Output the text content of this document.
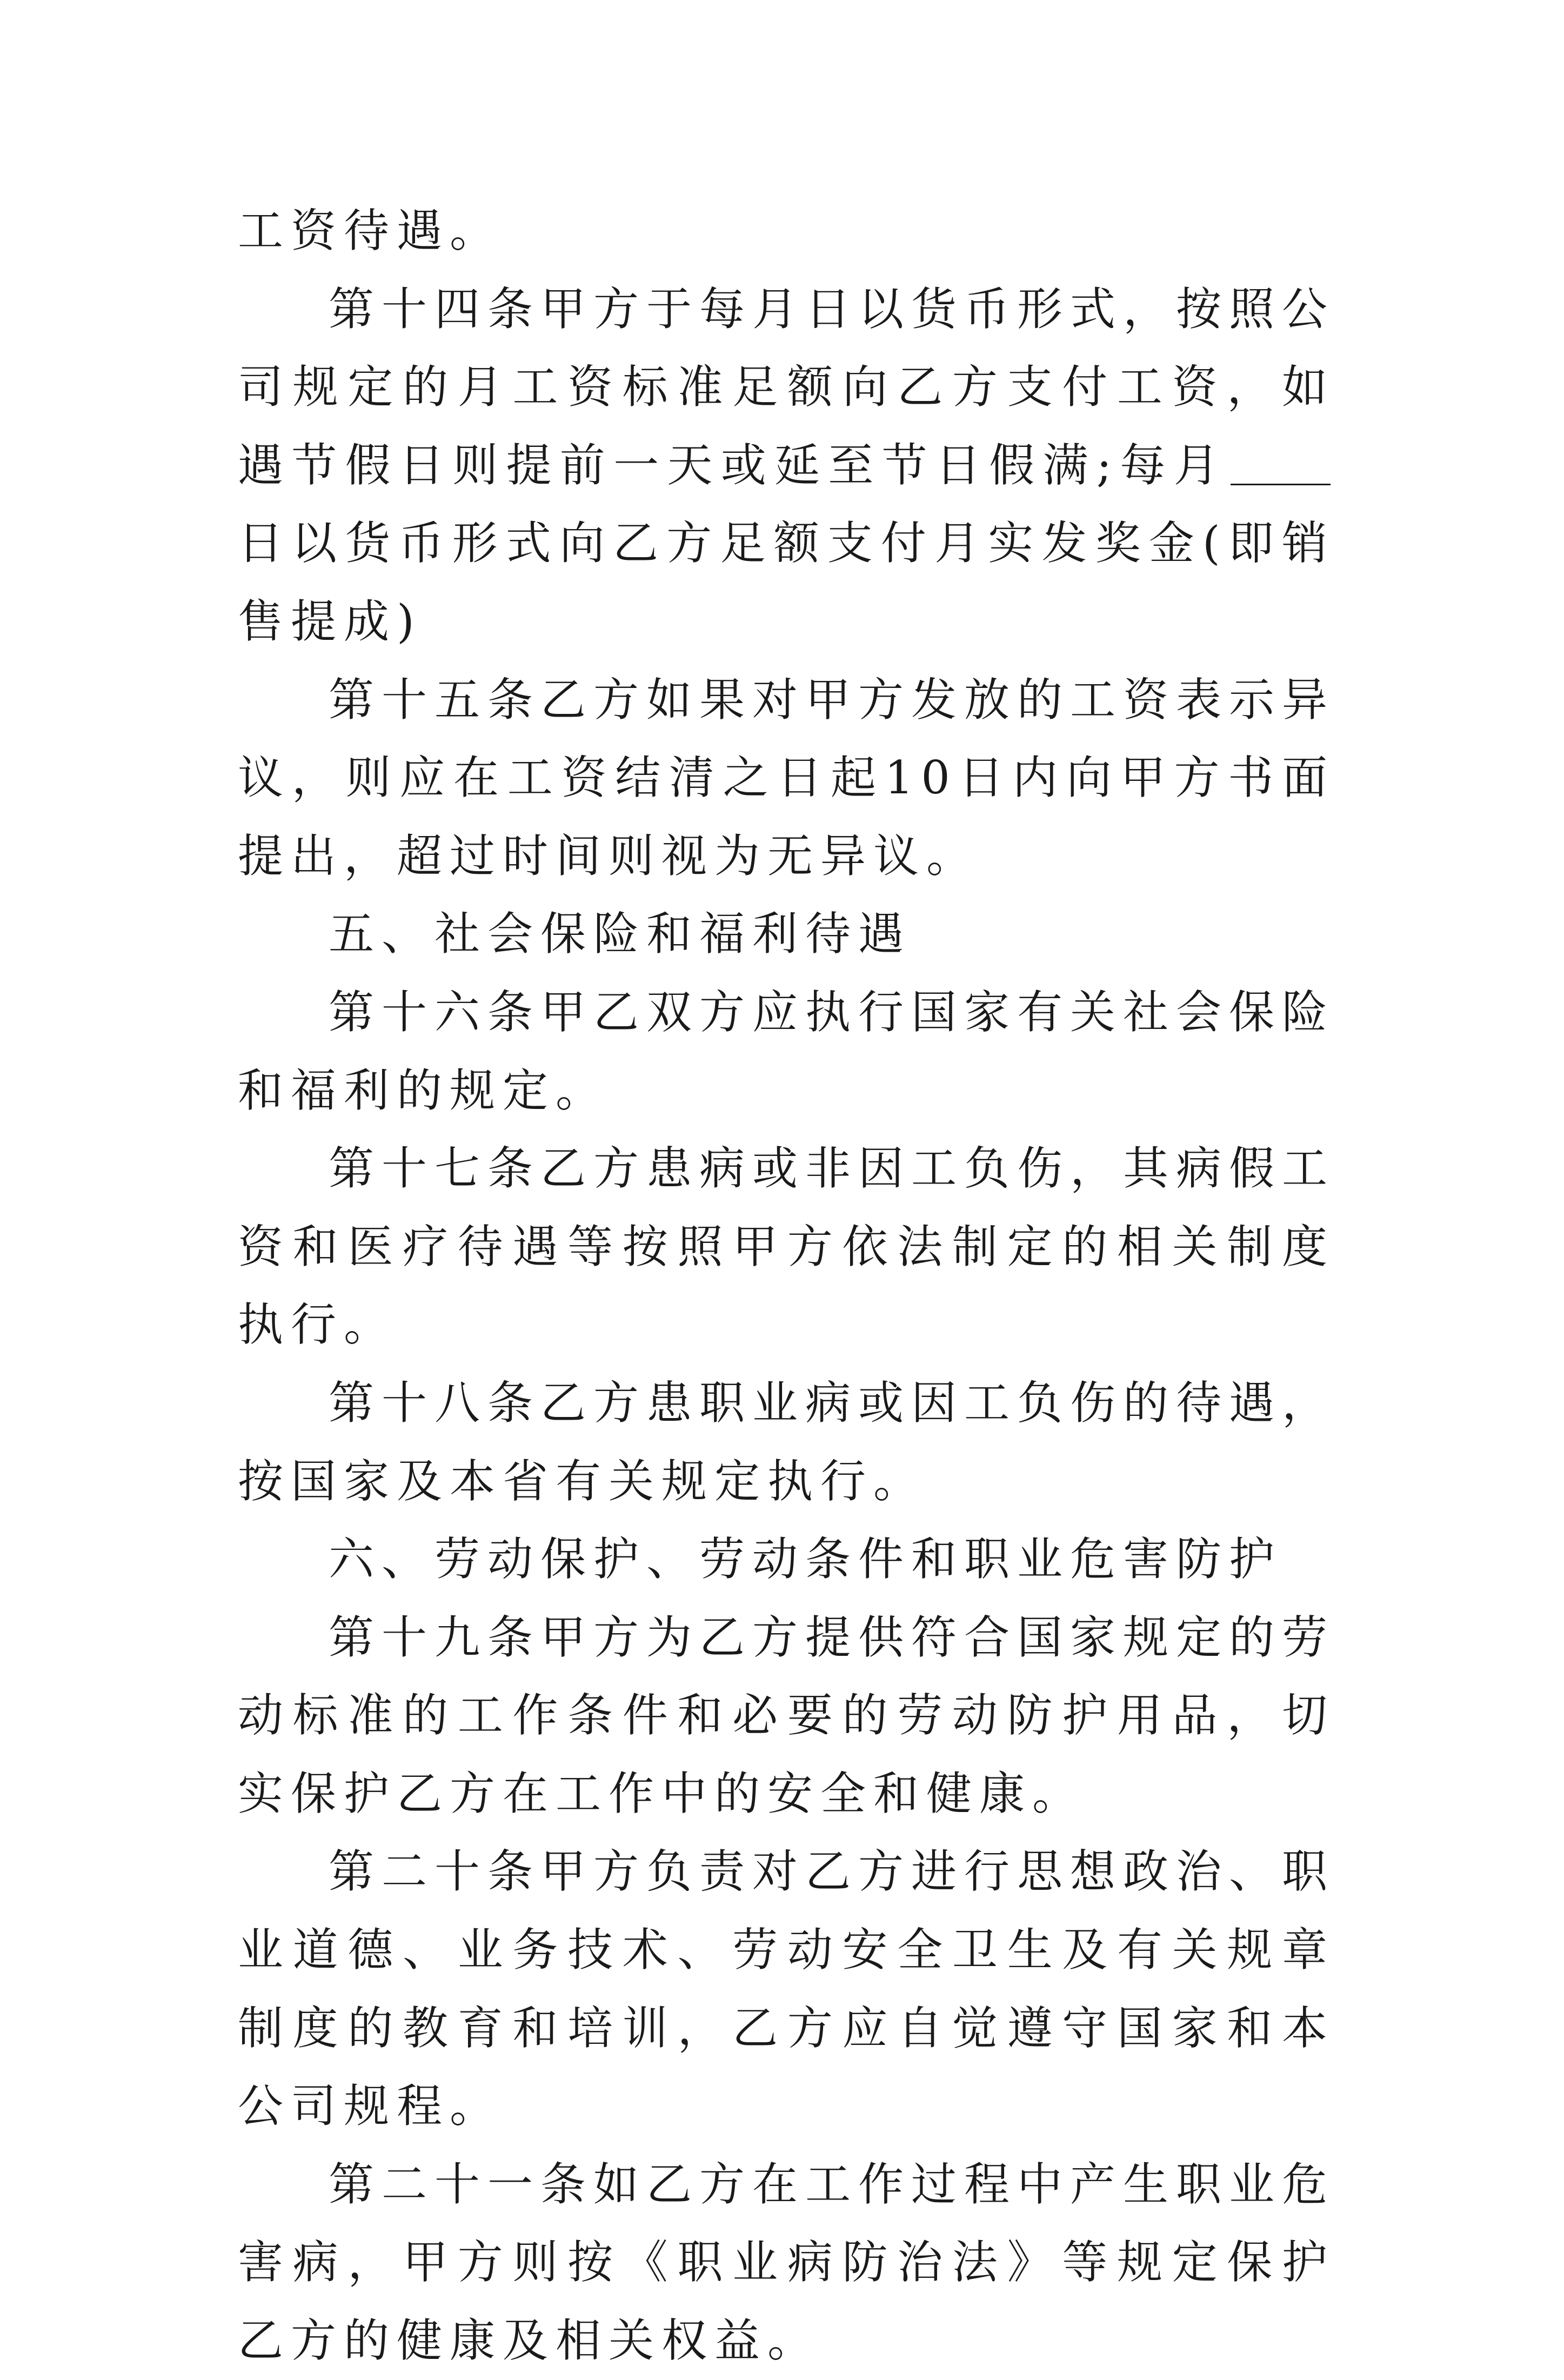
工资待遇。

第十四条甲方于每月日以货币形式，按照公司规定的月工资标准足额向乙方支付工资，如遇节假日则提前一天或延至节日假满;每月日以货币形式向乙方足额支付月实发奖金(即销售提成)

第十五条乙方如果对甲方发放的工资表示异议，则应在工资结清之日起10日内向甲方书面提出，超过时间则视为无异议。

五、社会保险和福利待遇

第十六条甲乙双方应执行国家有关社会保险和福利的规定。

第十七条乙方患病或非因工负伤，其病假工资和医疗待遇等按照甲方依法制定的相关制度执行。

第十八条乙方患职业病或因工负伤的待遇，按国家及本省有关规定执行。

六、劳动保护、劳动条件和职业危害防护

第十九条甲方为乙方提供符合国家规定的劳动标准的工作条件和必要的劳动防护用品，切实保护乙方在工作中的安全和健康。

第二十条甲方负责对乙方进行思想政治、职业道德、业务技术、劳动安全卫生及有关规章制度的教育和培训，乙方应自觉遵守国家和本公司规程。

第二十一条如乙方在工作过程中产生职业危害病，甲方则按《职业病防治法》等规定保护乙方的健康及相关权益。
